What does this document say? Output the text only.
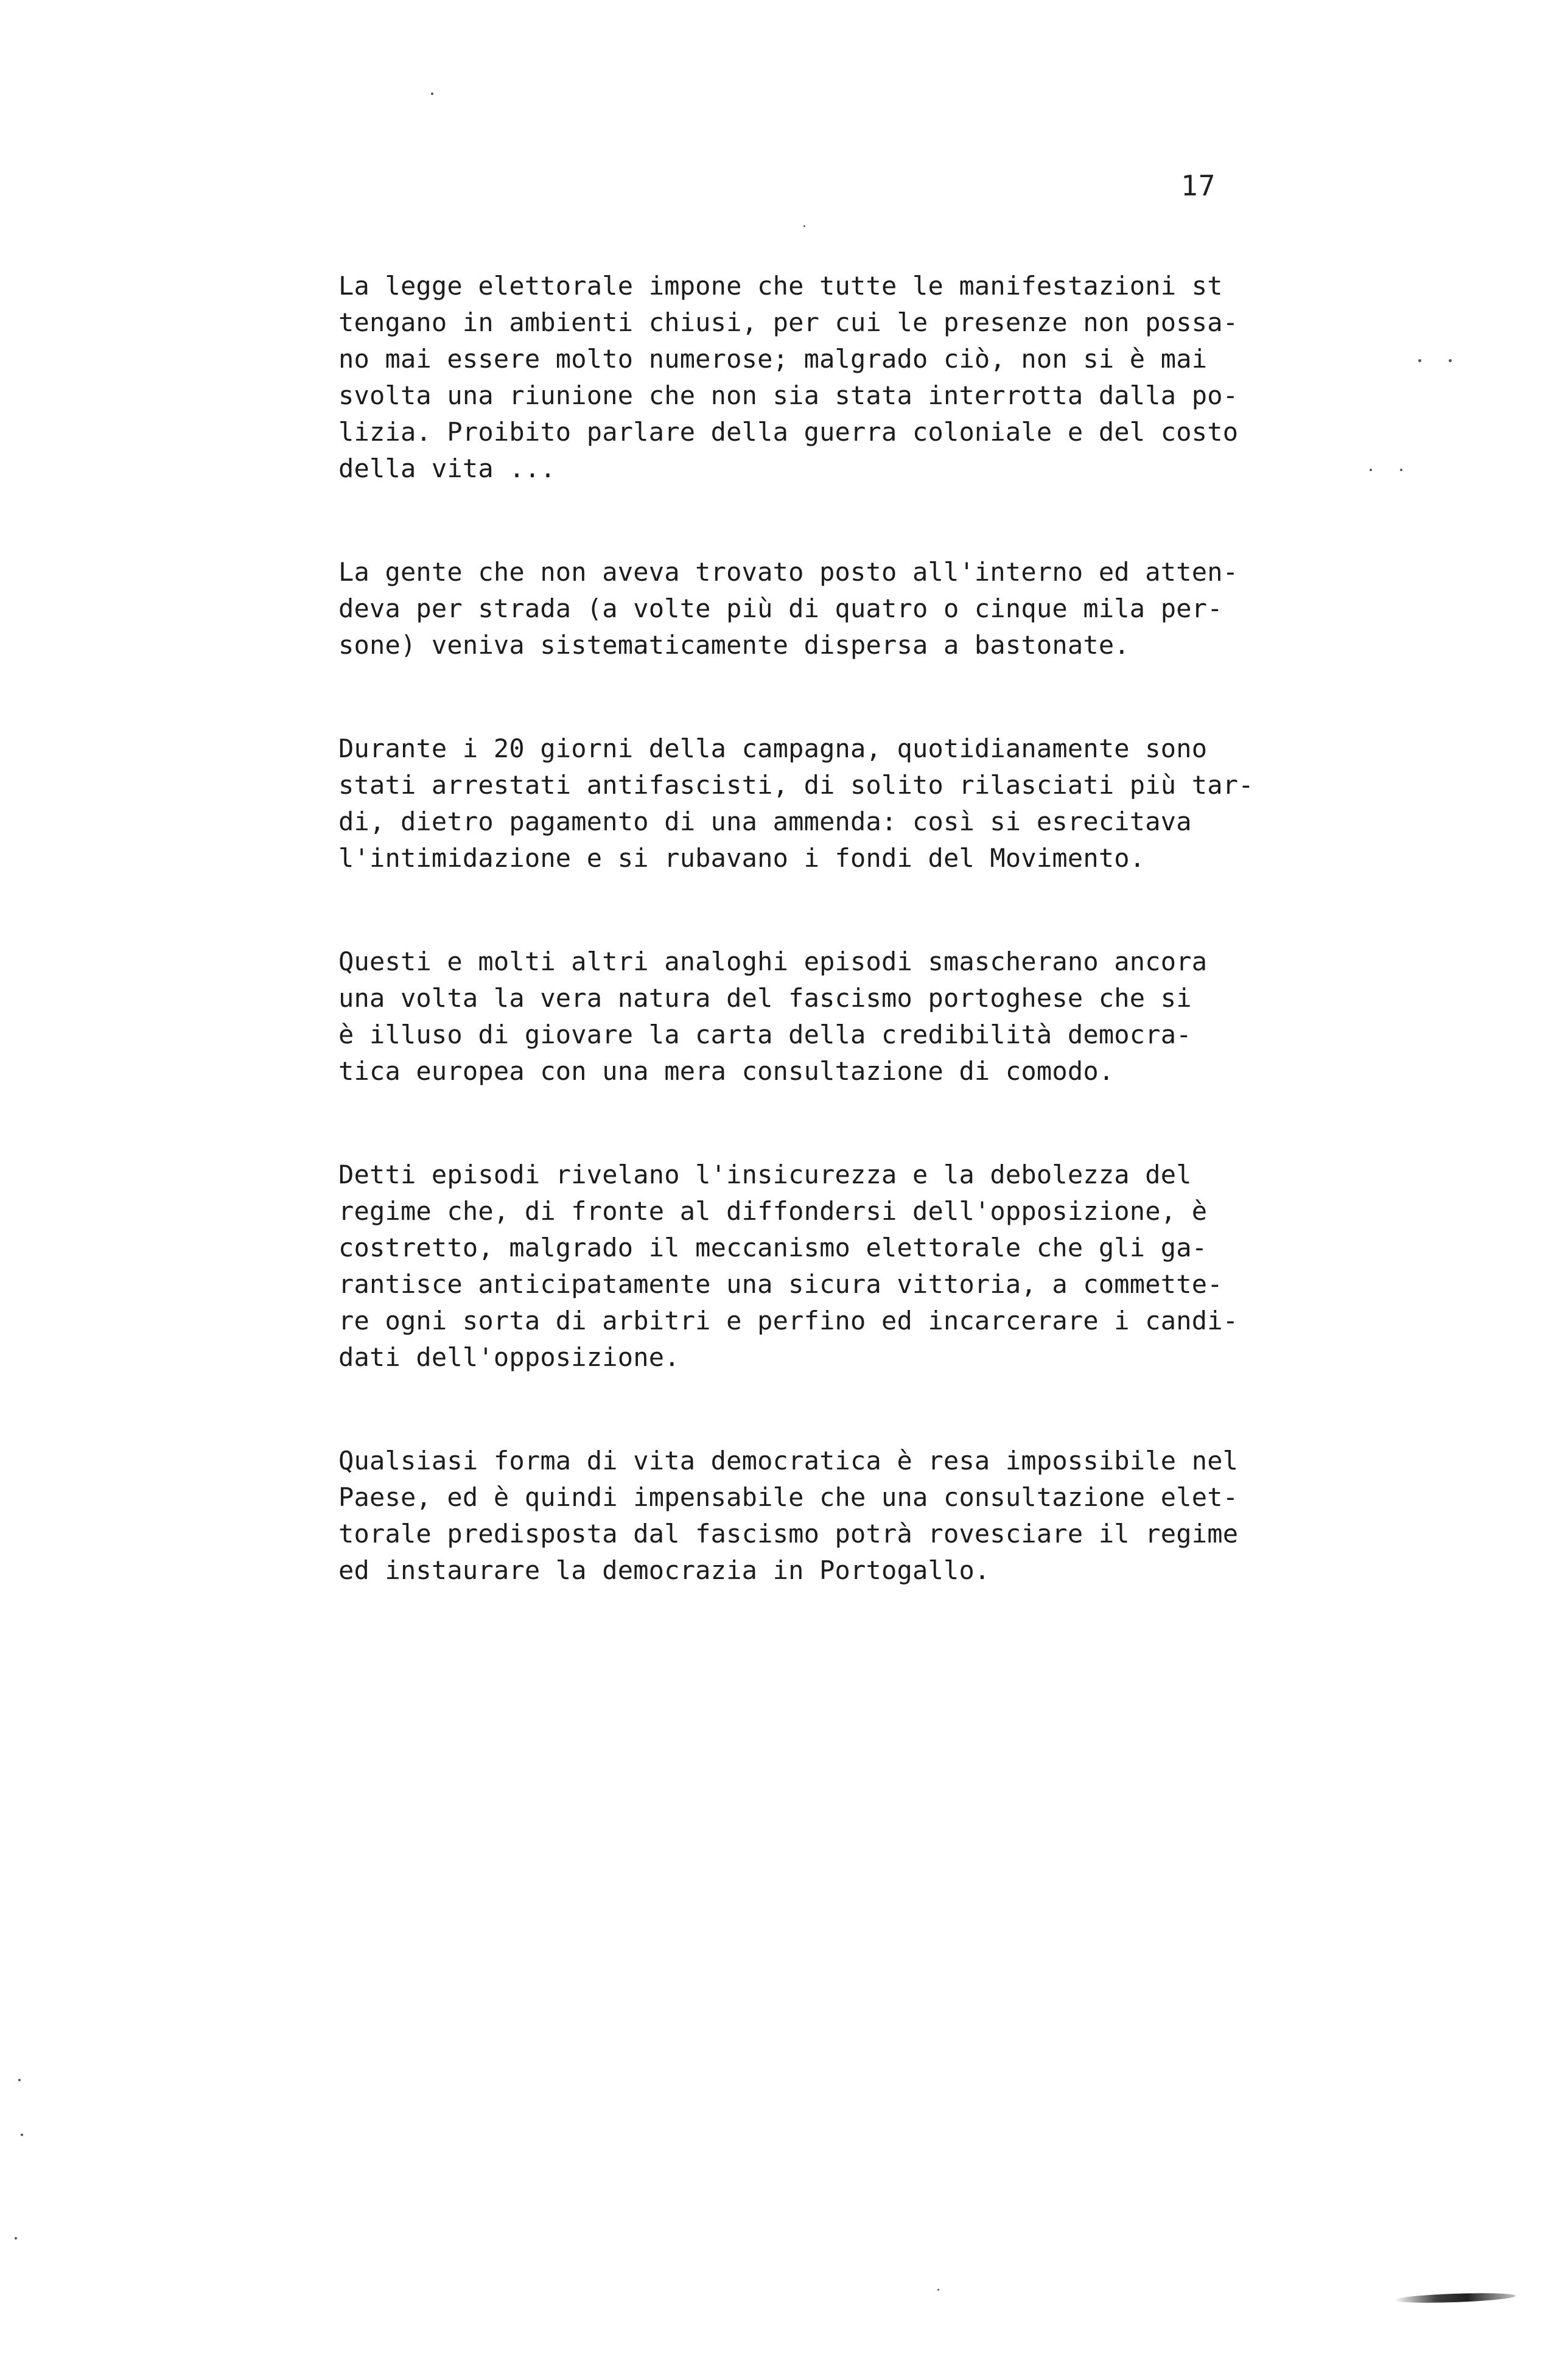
17
La legge elettorale impone che tutte le manifestazioni st
tengano in ambienti chiusi, per cui le presenze non possa-
no mai essere molto numerose; malgrado ciò, non si è mai
svolta una riunione che non sia stata interrotta dalla po-
lizia. Proibito parlare della guerra coloniale e del costo
della vita ...
La gente che non aveva trovato posto all'interno ed atten-
deva per strada (a volte più di quatro o cinque mila per-
sone) veniva sistematicamente dispersa a bastonate.
Durante i 20 giorni della campagna, quotidianamente sono
stati arrestati antifascisti, di solito rilasciati più tar-
di, dietro pagamento di una ammenda: così si esrecitava
l'intimidazione e si rubavano i fondi del Movimento.
Questi e molti altri analoghi episodi smascherano ancora
una volta la vera natura del fascismo portoghese che si
è illuso di giovare la carta della credibilità democra-
tica europea con una mera consultazione di comodo.
Detti episodi rivelano l'insicurezza e la debolezza del
regime che, di fronte al diffondersi dell'opposizione, è
costretto, malgrado il meccanismo elettorale che gli ga-
rantisce anticipatamente una sicura vittoria, a commette-
re ogni sorta di arbitri e perfino ed incarcerare i candi-
dati dell'opposizione.
Qualsiasi forma di vita democratica è resa impossibile nel
Paese, ed è quindi impensabile che una consultazione elet-
torale predisposta dal fascismo potrà rovesciare il regime
ed instaurare la democrazia in Portogallo.
